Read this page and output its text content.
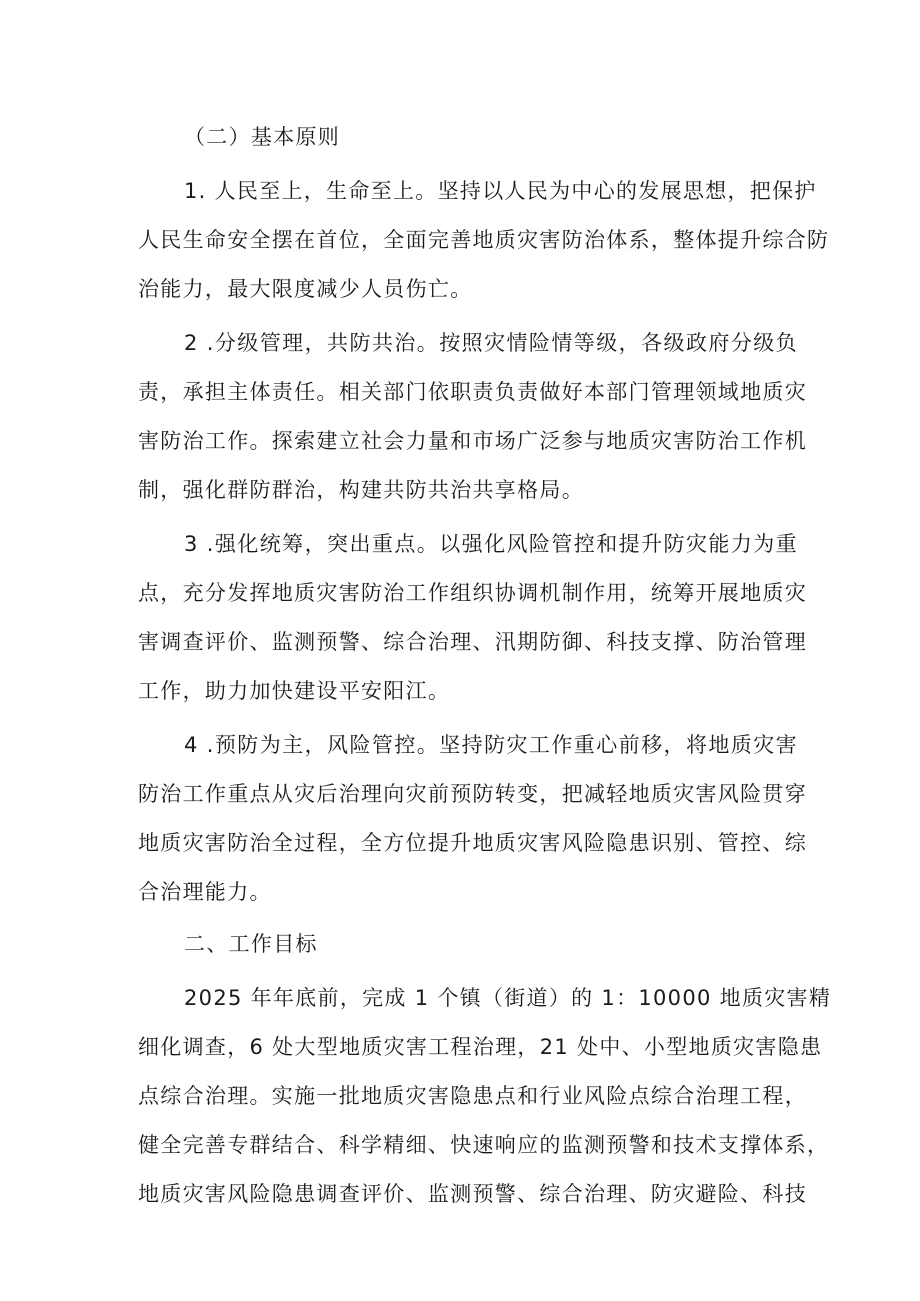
（二）基本原则
1. 人民至上，生命至上。坚持以人民为中心的发展思想，把保护
人民生命安全摆在首位，全面完善地质灾害防治体系，整体提升综合防
治能力，最大限度减少人员伤亡。
2 .分级管理，共防共治。按照灾情险情等级，各级政府分级负
责，承担主体责任。相关部门依职责负责做好本部门管理领域地质灾
害防治工作。探索建立社会力量和市场广泛参与地质灾害防治工作机
制，强化群防群治，构建共防共治共享格局。
3 .强化统筹，突出重点。以强化风险管控和提升防灾能力为重
点，充分发挥地质灾害防治工作组织协调机制作用，统筹开展地质灾
害调查评价、监测预警、综合治理、汛期防御、科技支撑、防治管理
工作，助力加快建设平安阳江。
4 .预防为主，风险管控。坚持防灾工作重心前移，将地质灾害
防治工作重点从灾后治理向灾前预防转变，把减轻地质灾害风险贯穿
地质灾害防治全过程，全方位提升地质灾害风险隐患识别、管控、综
合治理能力。
二、工作目标
2025 年年底前，完成 1 个镇（街道）的 1：10000 地质灾害精
细化调查，6 处大型地质灾害工程治理，21 处中、小型地质灾害隐患
点综合治理。实施一批地质灾害隐患点和行业风险点综合治理工程，
健全完善专群结合、科学精细、快速响应的监测预警和技术支撑体系，
地质灾害风险隐患调查评价、监测预警、综合治理、防灾避险、科技
